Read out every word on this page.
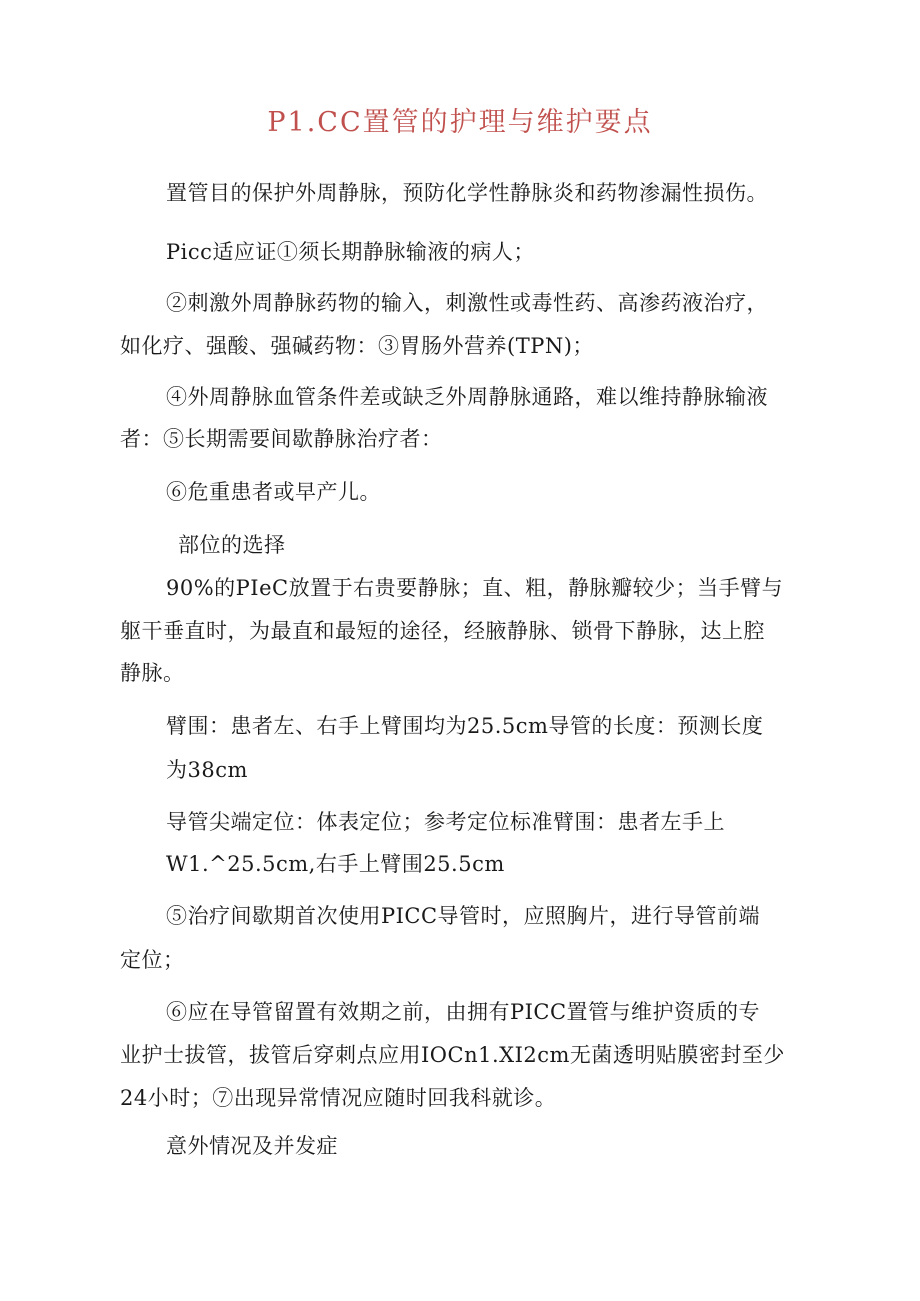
P1.CC置管的护理与维护要点
置管目的保护外周静脉，预防化学性静脉炎和药物渗漏性损伤。
Picc适应证①须长期静脉输液的病人；
②刺激外周静脉药物的输入，刺激性或毒性药、高渗药液治疗，
如化疗、强酸、强碱药物：③胃肠外营养(TPN)；
④外周静脉血管条件差或缺乏外周静脉通路，难以维持静脉输液
者：⑤长期需要间歇静脉治疗者：
⑥危重患者或早产儿。
部位的选择
90%的PIeC放置于右贵要静脉；直、粗，静脉瓣较少；当手臂与
躯干垂直时，为最直和最短的途径，经腋静脉、锁骨下静脉，达上腔
静脉。
臂围：患者左、右手上臂围均为25.5cm导管的长度：预测长度
为38cm
导管尖端定位：体表定位；参考定位标准臂围：患者左手上
W1.^25.5cm,右手上臂围25.5cm
⑤治疗间歇期首次使用PICC导管时，应照胸片，进行导管前端
定位；
⑥应在导管留置有效期之前，由拥有PICC置管与维护资质的专
业护士拔管，拔管后穿刺点应用IOCn1.XI2cm无菌透明贴膜密封至少
24小时；⑦出现异常情况应随时回我科就诊。
意外情况及并发症
